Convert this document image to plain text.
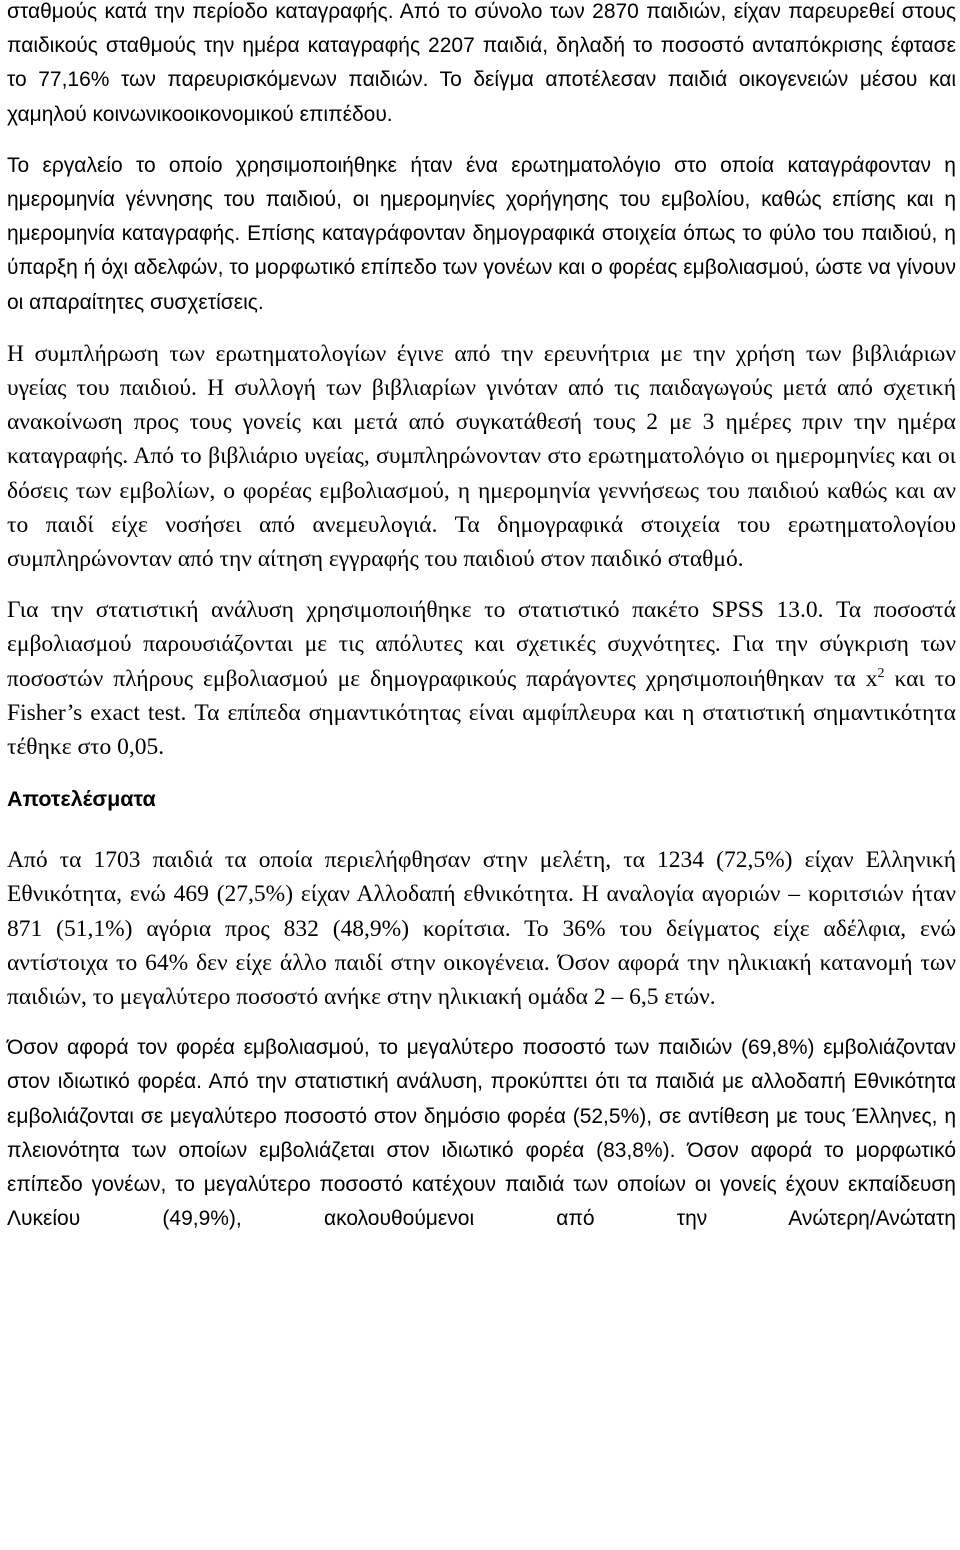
σταθμούς κατά την περίοδο καταγραφής. Από το σύνολο των 2870 παιδιών, είχαν παρευρεθεί στους παιδικούς σταθμούς την ημέρα καταγραφής 2207 παιδιά, δηλαδή το ποσοστό ανταπόκρισης έφτασε το 77,16% των παρευρισκόμενων παιδιών. Το δείγμα αποτέλεσαν παιδιά οικογενειών μέσου και χαμηλού κοινωνικοοικονομικού επιπέδου.

Το εργαλείο το οποίο χρησιμοποιήθηκε ήταν ένα ερωτηματολόγιο στο οποία καταγράφονταν η ημερομηνία γέννησης του παιδιού, οι ημερομηνίες χορήγησης του εμβολίου, καθώς επίσης και η ημερομηνία καταγραφής. Επίσης καταγράφονταν δημογραφικά στοιχεία όπως το φύλο του παιδιού, η ύπαρξη ή όχι αδελφών, το μορφωτικό επίπεδο των γονέων και ο φορέας εμβολιασμού, ώστε να γίνουν οι απαραίτητες συσχετίσεις.

Η συμπλήρωση των ερωτηματολογίων έγινε από την ερευνήτρια με την χρήση των βιβλιάριων υγείας του παιδιού. Η συλλογή των βιβλιαρίων γινόταν από τις παιδαγωγούς μετά από σχετική ανακοίνωση προς τους γονείς και μετά από συγκατάθεσή τους 2 με 3 ημέρες πριν την ημέρα καταγραφής. Από το βιβλιάριο υγείας, συμπληρώνονταν στο ερωτηματολόγιο οι ημερομηνίες και οι δόσεις των εμβολίων, ο φορέας εμβολιασμού, η ημερομηνία γεννήσεως του παιδιού καθώς και αν το παιδί είχε νοσήσει από ανεμευλογιά. Τα δημογραφικά στοιχεία του ερωτηματολογίου συμπληρώνονταν από την αίτηση εγγραφής του παιδιού στον παιδικό σταθμό.

Για την στατιστική ανάλυση χρησιμοποιήθηκε το στατιστικό πακέτο SPSS 13.0. Τα ποσοστά εμβολιασμού παρουσιάζονται με τις απόλυτες και σχετικές συχνότητες. Για την σύγκριση των ποσοστών πλήρους εμβολιασμού με δημογραφικούς παράγοντες χρησιμοποιήθηκαν τα $x^2$ και το Fisher’s exact test. Τα επίπεδα σημαντικότητας είναι αμφίπλευρα και η στατιστική σημαντικότητα τέθηκε στο 0,05.

Αποτελέσματα

Από τα 1703 παιδιά τα οποία περιελήφθησαν στην μελέτη, τα 1234 (72,5%) είχαν Ελληνική Εθνικότητα, ενώ 469 (27,5%) είχαν Αλλοδαπή εθνικότητα. Η αναλογία αγοριών – κοριτσιών ήταν 871 (51,1%) αγόρια προς 832 (48,9%) κορίτσια. Το 36% του δείγματος είχε αδέλφια, ενώ αντίστοιχα το 64% δεν είχε άλλο παιδί στην οικογένεια. Όσον αφορά την ηλικιακή κατανομή των παιδιών, το μεγαλύτερο ποσοστό ανήκε στην ηλικιακή ομάδα 2 – 6,5 ετών.

Όσον αφορά τον φορέα εμβολιασμού, το μεγαλύτερο ποσοστό των παιδιών (69,8%) εμβολιάζονταν στον ιδιωτικό φορέα. Από την στατιστική ανάλυση, προκύπτει ότι τα παιδιά με αλλοδαπή Εθνικότητα εμβολιάζονται σε μεγαλύτερο ποσοστό στον δημόσιο φορέα (52,5%), σε αντίθεση με τους Έλληνες, η πλειονότητα των οποίων εμβολιάζεται στον ιδιωτικό φορέα (83,8%). Όσον αφορά το μορφωτικό επίπεδο γονέων, το μεγαλύτερο ποσοστό κατέχουν παιδιά των οποίων οι γονείς έχουν εκπαίδευση Λυκείου (49,9%), ακολουθούμενοι από την Ανώτερη/Ανώτατη
